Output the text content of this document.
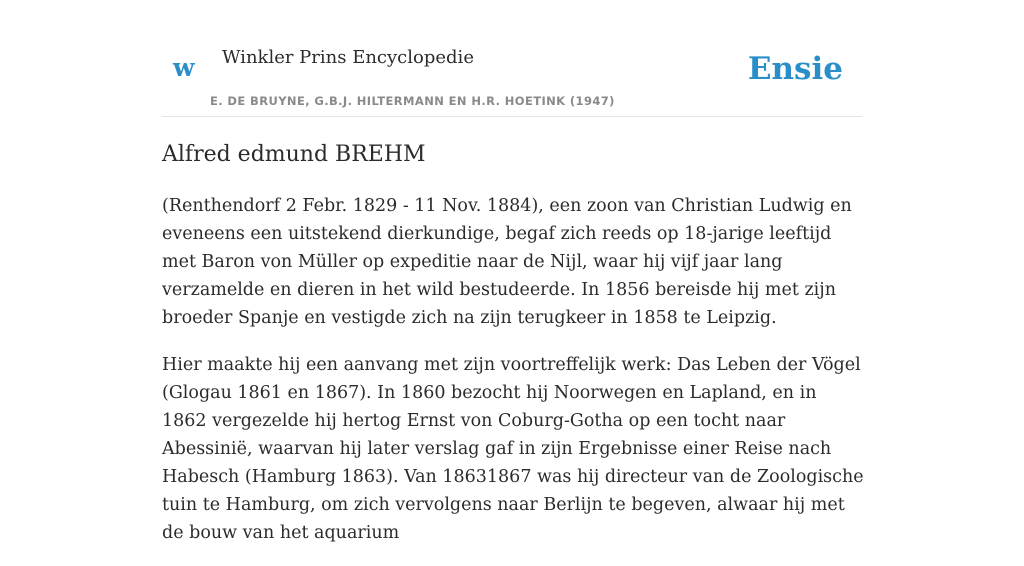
w Winkler Prins Encyclopedie
E. DE BRUYNE, G.B.J. HILTERMANN EN H.R. HOETINK (1947)
Ensie
Alfred edmund BREHM

(Renthendorf 2 Febr. 1829 - 11 Nov. 1884), een zoon van Christian Ludwig en eveneens een uitstekend dierkundige, begaf zich reeds op 18-jarige leeftijd met Baron von Müller op expeditie naar de Nijl, waar hij vijf jaar lang verzamelde en dieren in het wild bestudeerde. In 1856 bereisde hij met zijn broeder Spanje en vestigde zich na zijn terugkeer in 1858 te Leipzig.

Hier maakte hij een aanvang met zijn voortreffelijk werk: Das Leben der Vögel (Glogau 1861 en 1867). In 1860 bezocht hij Noorwegen en Lapland, en in 1862 vergezelde hij hertog Ernst von Coburg-Gotha op een tocht naar Abessinië, waarvan hij later verslag gaf in zijn Ergebnisse einer Reise nach Habesch (Hamburg 1863). Van 18631867 was hij directeur van de Zoologische tuin te Hamburg, om zich vervolgens naar Berlijn te begeven, alwaar hij met de bouw van het aquarium
